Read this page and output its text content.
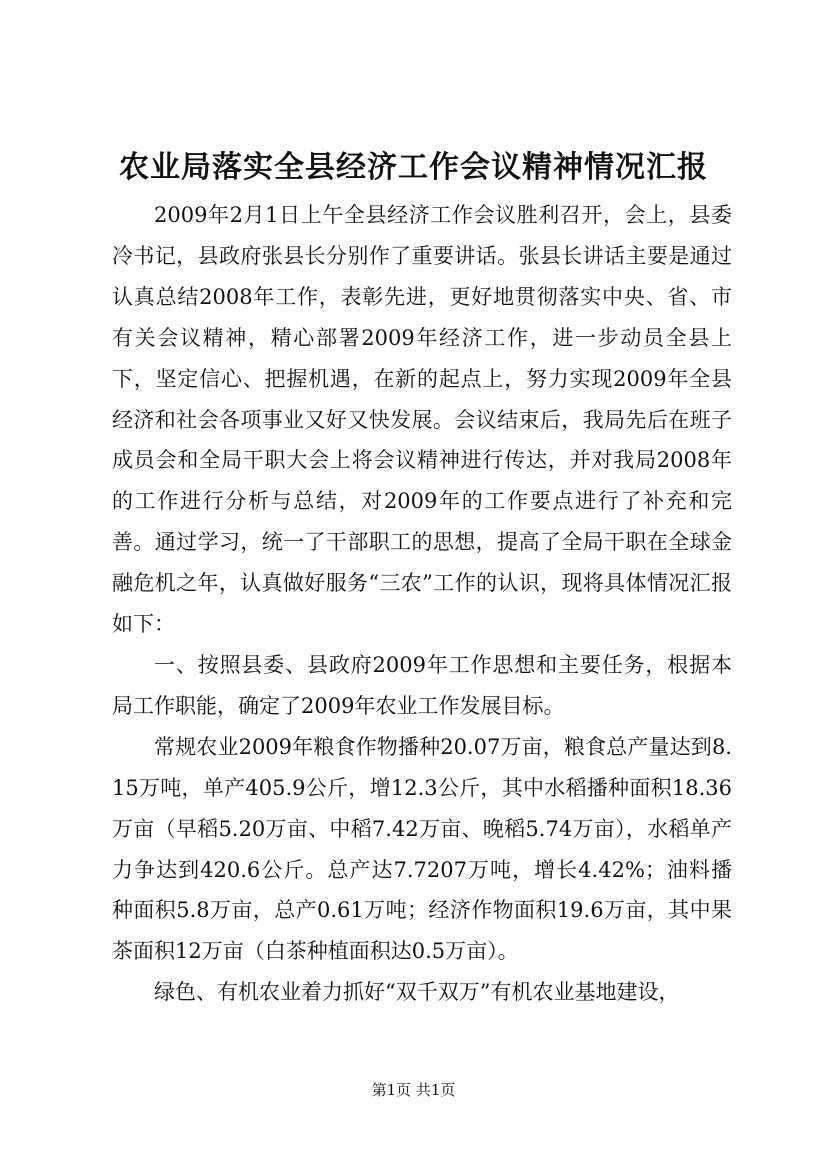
农业局落实全县经济工作会议精神情况汇报

2009年2月1日上午全县经济工作会议胜利召开，会上，县委冷书记，县政府张县长分别作了重要讲话。张县长讲话主要是通过认真总结2008年工作，表彰先进，更好地贯彻落实中央、省、市有关会议精神，精心部署2009年经济工作，进一步动员全县上下，坚定信心、把握机遇，在新的起点上，努力实现2009年全县经济和社会各项事业又好又快发展。会议结束后，我局先后在班子成员会和全局干职大会上将会议精神进行传达，并对我局2008年的工作进行分析与总结，对2009年的工作要点进行了补充和完善。通过学习，统一了干部职工的思想，提高了全局干职在全球金融危机之年，认真做好服务“三农”工作的认识，现将具体情况汇报如下：

一、按照县委、县政府2009年工作思想和主要任务，根据本局工作职能，确定了2009年农业工作发展目标。

常规农业2009年粮食作物播种20.07万亩，粮食总产量达到8.15万吨，单产405.9公斤，增12.3公斤，其中水稻播种面积18.36万亩（早稻5.20万亩、中稻7.42万亩、晚稻5.74万亩），水稻单产力争达到420.6公斤。总产达7.7207万吨，增长4.42%；油料播种面积5.8万亩，总产0.61万吨；经济作物面积19.6万亩，其中果茶面积12万亩（白茶种植面积达0.5万亩）。

绿色、有机农业着力抓好“双千双万”有机农业基地建设，

第1页 共1页
